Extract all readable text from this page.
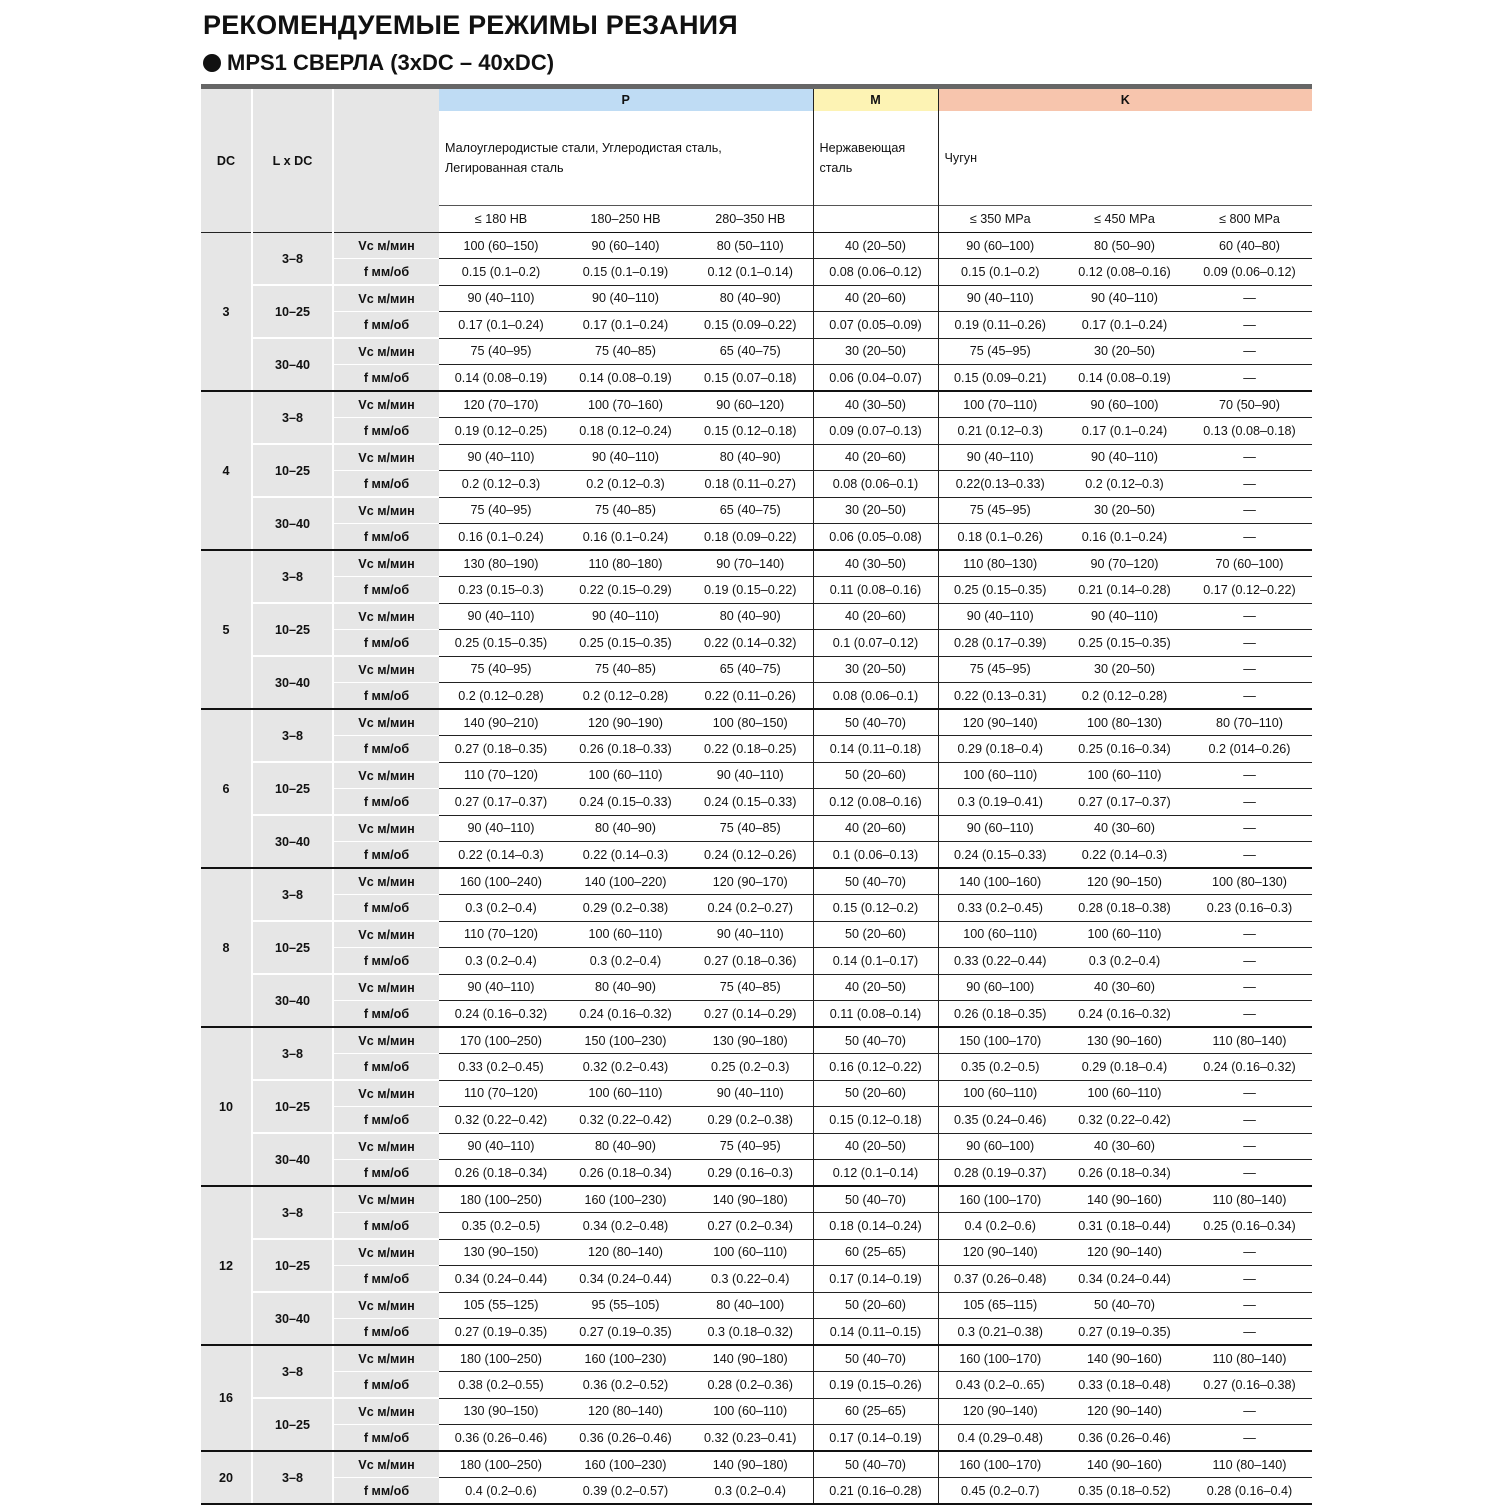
РЕКОМЕНДУЕМЫЕ РЕЖИМЫ РЕЗАНИЯ
MPS1 СВЕРЛА (3xDC – 40xDC)
DC	L x DC		P			M	K		
			Малоуглеродистые стали, Углеродистая сталь, Легированная сталь			Нержавеющая сталь	Чугун		
			≤ 180 HB	180–250 HB	280–350 HB		≤ 350 MPa	≤ 450 MPa	≤ 800 MPa
3	3–8	Vc м/мин	100 (60–150)	90 (60–140)	80 (50–110)	40 (20–50)	90 (60–100)	80 (50–90)	60 (40–80)
		f мм/об	0.15 (0.1–0.2)	0.15 (0.1–0.19)	0.12 (0.1–0.14)	0.08 (0.06–0.12)	0.15 (0.1–0.2)	0.12 (0.08–0.16)	0.09 (0.06–0.12)
	10–25	Vc м/мин	90 (40–110)	90 (40–110)	80 (40–90)	40 (20–60)	90 (40–110)	90 (40–110)	—
		f мм/об	0.17 (0.1–0.24)	0.17 (0.1–0.24)	0.15 (0.09–0.22)	0.07 (0.05–0.09)	0.19 (0.11–0.26)	0.17 (0.1–0.24)	—
	30–40	Vc м/мин	75 (40–95)	75 (40–85)	65 (40–75)	30 (20–50)	75 (45–95)	30 (20–50)	—
		f мм/об	0.14 (0.08–0.19)	0.14 (0.08–0.19)	0.15 (0.07–0.18)	0.06 (0.04–0.07)	0.15 (0.09–0.21)	0.14 (0.08–0.19)	—
4	3–8	Vc м/мин	120 (70–170)	100 (70–160)	90 (60–120)	40 (30–50)	100 (70–110)	90 (60–100)	70 (50–90)
		f мм/об	0.19 (0.12–0.25)	0.18 (0.12–0.24)	0.15 (0.12–0.18)	0.09 (0.07–0.13)	0.21 (0.12–0.3)	0.17 (0.1–0.24)	0.13 (0.08–0.18)
	10–25	Vc м/мин	90 (40–110)	90 (40–110)	80 (40–90)	40 (20–60)	90 (40–110)	90 (40–110)	—
		f мм/об	0.2 (0.12–0.3)	0.2 (0.12–0.3)	0.18 (0.11–0.27)	0.08 (0.06–0.1)	0.22(0.13–0.33)	0.2 (0.12–0.3)	—
	30–40	Vc м/мин	75 (40–95)	75 (40–85)	65 (40–75)	30 (20–50)	75 (45–95)	30 (20–50)	—
		f мм/об	0.16 (0.1–0.24)	0.16 (0.1–0.24)	0.18 (0.09–0.22)	0.06 (0.05–0.08)	0.18 (0.1–0.26)	0.16 (0.1–0.24)	—
5	3–8	Vc м/мин	130 (80–190)	110 (80–180)	90 (70–140)	40 (30–50)	110 (80–130)	90 (70–120)	70 (60–100)
		f мм/об	0.23 (0.15–0.3)	0.22 (0.15–0.29)	0.19 (0.15–0.22)	0.11 (0.08–0.16)	0.25 (0.15–0.35)	0.21 (0.14–0.28)	0.17 (0.12–0.22)
	10–25	Vc м/мин	90 (40–110)	90 (40–110)	80 (40–90)	40 (20–60)	90 (40–110)	90 (40–110)	—
		f мм/об	0.25 (0.15–0.35)	0.25 (0.15–0.35)	0.22 (0.14–0.32)	0.1 (0.07–0.12)	0.28 (0.17–0.39)	0.25 (0.15–0.35)	—
	30–40	Vc м/мин	75 (40–95)	75 (40–85)	65 (40–75)	30 (20–50)	75 (45–95)	30 (20–50)	—
		f мм/об	0.2 (0.12–0.28)	0.2 (0.12–0.28)	0.22 (0.11–0.26)	0.08 (0.06–0.1)	0.22 (0.13–0.31)	0.2 (0.12–0.28)	—
6	3–8	Vc м/мин	140 (90–210)	120 (90–190)	100 (80–150)	50 (40–70)	120 (90–140)	100 (80–130)	80 (70–110)
		f мм/об	0.27 (0.18–0.35)	0.26 (0.18–0.33)	0.22 (0.18–0.25)	0.14 (0.11–0.18)	0.29 (0.18–0.4)	0.25 (0.16–0.34)	0.2 (014–0.26)
	10–25	Vc м/мин	110 (70–120)	100 (60–110)	90 (40–110)	50 (20–60)	100 (60–110)	100 (60–110)	—
		f мм/об	0.27 (0.17–0.37)	0.24 (0.15–0.33)	0.24 (0.15–0.33)	0.12 (0.08–0.16)	0.3 (0.19–0.41)	0.27 (0.17–0.37)	—
	30–40	Vc м/мин	90 (40–110)	80 (40–90)	75 (40–85)	40 (20–60)	90 (60–110)	40 (30–60)	—
		f мм/об	0.22 (0.14–0.3)	0.22 (0.14–0.3)	0.24 (0.12–0.26)	0.1 (0.06–0.13)	0.24 (0.15–0.33)	0.22 (0.14–0.3)	—
8	3–8	Vc м/мин	160 (100–240)	140 (100–220)	120 (90–170)	50 (40–70)	140 (100–160)	120 (90–150)	100 (80–130)
		f мм/об	0.3 (0.2–0.4)	0.29 (0.2–0.38)	0.24 (0.2–0.27)	0.15 (0.12–0.2)	0.33 (0.2–0.45)	0.28 (0.18–0.38)	0.23 (0.16–0.3)
	10–25	Vc м/мин	110 (70–120)	100 (60–110)	90 (40–110)	50 (20–60)	100 (60–110)	100 (60–110)	—
		f мм/об	0.3 (0.2–0.4)	0.3 (0.2–0.4)	0.27 (0.18–0.36)	0.14 (0.1–0.17)	0.33 (0.22–0.44)	0.3 (0.2–0.4)	—
	30–40	Vc м/мин	90 (40–110)	80 (40–90)	75 (40–85)	40 (20–50)	90 (60–100)	40 (30–60)	—
		f мм/об	0.24 (0.16–0.32)	0.24 (0.16–0.32)	0.27 (0.14–0.29)	0.11 (0.08–0.14)	0.26 (0.18–0.35)	0.24 (0.16–0.32)	—
10	3–8	Vc м/мин	170 (100–250)	150 (100–230)	130 (90–180)	50 (40–70)	150 (100–170)	130 (90–160)	110 (80–140)
		f мм/об	0.33 (0.2–0.45)	0.32 (0.2–0.43)	0.25 (0.2–0.3)	0.16 (0.12–0.22)	0.35 (0.2–0.5)	0.29 (0.18–0.4)	0.24 (0.16–0.32)
	10–25	Vc м/мин	110 (70–120)	100 (60–110)	90 (40–110)	50 (20–60)	100 (60–110)	100 (60–110)	—
		f мм/об	0.32 (0.22–0.42)	0.32 (0.22–0.42)	0.29 (0.2–0.38)	0.15 (0.12–0.18)	0.35 (0.24–0.46)	0.32 (0.22–0.42)	—
	30–40	Vc м/мин	90 (40–110)	80 (40–90)	75 (40–95)	40 (20–50)	90 (60–100)	40 (30–60)	—
		f мм/об	0.26 (0.18–0.34)	0.26 (0.18–0.34)	0.29 (0.16–0.3)	0.12 (0.1–0.14)	0.28 (0.19–0.37)	0.26 (0.18–0.34)	—
12	3–8	Vc м/мин	180 (100–250)	160 (100–230)	140 (90–180)	50 (40–70)	160 (100–170)	140 (90–160)	110 (80–140)
		f мм/об	0.35 (0.2–0.5)	0.34 (0.2–0.48)	0.27 (0.2–0.34)	0.18 (0.14–0.24)	0.4 (0.2–0.6)	0.31 (0.18–0.44)	0.25 (0.16–0.34)
	10–25	Vc м/мин	130 (90–150)	120 (80–140)	100 (60–110)	60 (25–65)	120 (90–140)	120 (90–140)	—
		f мм/об	0.34 (0.24–0.44)	0.34 (0.24–0.44)	0.3 (0.22–0.4)	0.17 (0.14–0.19)	0.37 (0.26–0.48)	0.34 (0.24–0.44)	—
	30–40	Vc м/мин	105 (55–125)	95 (55–105)	80 (40–100)	50 (20–60)	105 (65–115)	50 (40–70)	—
		f мм/об	0.27 (0.19–0.35)	0.27 (0.19–0.35)	0.3 (0.18–0.32)	0.14 (0.11–0.15)	0.3 (0.21–0.38)	0.27 (0.19–0.35)	—
16	3–8	Vc м/мин	180 (100–250)	160 (100–230)	140 (90–180)	50 (40–70)	160 (100–170)	140 (90–160)	110 (80–140)
		f мм/об	0.38 (0.2–0.55)	0.36 (0.2–0.52)	0.28 (0.2–0.36)	0.19 (0.15–0.26)	0.43 (0.2–0..65)	0.33 (0.18–0.48)	0.27 (0.16–0.38)
	10–25	Vc м/мин	130 (90–150)	120 (80–140)	100 (60–110)	60 (25–65)	120 (90–140)	120 (90–140)	—
		f мм/об	0.36 (0.26–0.46)	0.36 (0.26–0.46)	0.32 (0.23–0.41)	0.17 (0.14–0.19)	0.4 (0.29–0.48)	0.36 (0.26–0.46)	—
20	3–8	Vc м/мин	180 (100–250)	160 (100–230)	140 (90–180)	50 (40–70)	160 (100–170)	140 (90–160)	110 (80–140)
		f мм/об	0.4 (0.2–0.6)	0.39 (0.2–0.57)	0.3 (0.2–0.4)	0.21 (0.16–0.28)	0.45 (0.2–0.7)	0.35 (0.18–0.52)	0.28 (0.16–0.4)
